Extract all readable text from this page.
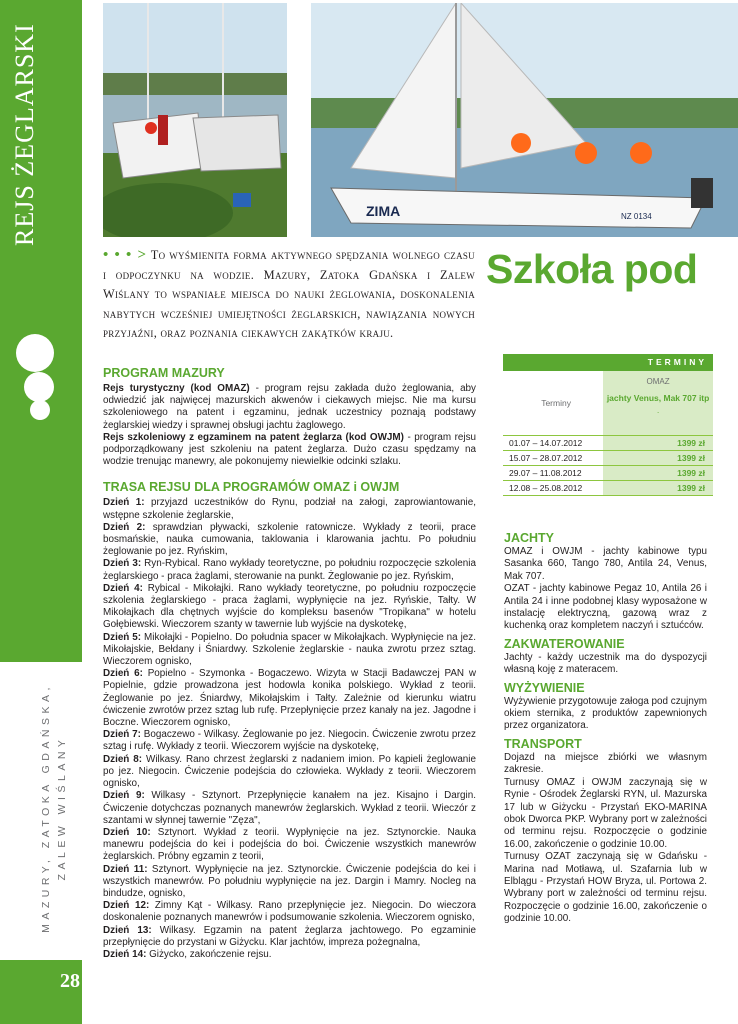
REJS ŻEGLARSKI
MAZURY, ZATOKA GDAŃSKA, ZALEW WIŚLANY
28
ZIMA	NZ 0134
• • • > To wyśmienita forma aktywnego spędzania wolnego czasu i odpoczynku na wodzie. Mazury, Zatoka Gdańska i Zalew Wiślany to wspaniałe miejsca do nauki żeglowania, doskonalenia nabytych wcześniej umiejętności żeglarskich, nawiązania nowych przyjaźni, oraz poznania ciekawych zakątków kraju.
Szkoła pod
PROGRAM MAZURY

Rejs turystyczny (kod OMAZ) - program rejsu zakłada dużo żeglowania, aby odwiedzić jak najwięcej mazurskich akwenów i ciekawych miejsc. Nie ma kursu szkoleniowego na patent i egzaminu, jednak uczestnicy poznają podstawy żeglarskiej wiedzy i sprawnej obsługi jachtu żaglowego.

Rejs szkoleniowy z egzaminem na patent żeglarza (kod OWJM) - program rejsu podporządkowany jest szkoleniu na patent żeglarza. Dużo czasu spędzamy na wodzie trenując manewry, ale pokonujemy niewielkie odcinki szlaku.

TRASA REJSU DLA PROGRAMÓW OMAZ i OWJM

Dzień 1: przyjazd uczestników do Rynu, podział na załogi, zaprowiantowanie, wstępne szkolenie żeglarskie,

Dzień 2: sprawdzian pływacki, szkolenie ratownicze. Wykłady z teorii, prace bosmańskie, nauka cumowania, taklowania i klarowania jachtu. Po południu żeglowanie po jez. Ryńskim,

Dzień 3: Ryn-Rybical. Rano wykłady teoretyczne, po południu rozpoczęcie szkolenia żeglarskiego - praca żaglami, sterowanie na punkt. Żeglowanie po jez. Ryńskim,

Dzień 4: Rybical - Mikołajki. Rano wykłady teoretyczne, po południu rozpoczęcie szkolenia żeglarskiego - praca żaglami, wypłynięcie na jez. Ryńskie, Tałty. W Mikołajkach dla chętnych wyjście do kompleksu basenów "Tropikana" w hotelu Gołębiewski. Wieczorem szanty w tawernie lub wyjście na dyskotekę,

Dzień 5: Mikołajki - Popielno. Do południa spacer w Mikołajkach. Wypłynięcie na jez. Mikołajskie, Bełdany i Śniardwy. Szkolenie żeglarskie - nauka zwrotu przez sztag. Wieczorem ognisko,

Dzień 6: Popielno - Szymonka - Bogaczewo. Wizyta w Stacji Badawczej PAN w Popielnie, gdzie prowadzona jest hodowla konika polskiego. Wykład z teorii. Żeglowanie po jez. Śniardwy, Mikołajskim i Tałty. Zależnie od kierunku wiatru ćwiczenie zwrotów przez sztag lub rufę. Przepłynięcie przez kanały na jez. Jagodne i Boczne. Wieczorem ognisko,

Dzień 7: Bogaczewo - Wilkasy. Żeglowanie po jez. Niegocin. Ćwiczenie zwrotu przez sztag i rufę. Wykłady z teorii. Wieczorem wyjście na dyskotekę,

Dzień 8: Wilkasy. Rano chrzest żeglarski z nadaniem imion. Po kąpieli żeglowanie po jez. Niegocin. Ćwiczenie podejścia do człowieka. Wykłady z teorii. Wieczorem ognisko,

Dzień 9: Wilkasy - Sztynort. Przepłynięcie kanałem na jez. Kisajno i Dargin. Ćwiczenie dotychczas poznanych manewrów żeglarskich. Wykład z teorii. Wieczór z szantami w słynnej tawernie "Zęza",

Dzień 10: Sztynort. Wykład z teorii. Wypłynięcie na jez. Sztynorckie. Nauka manewru podejścia do kei i podejścia do boi. Ćwiczenie wszystkich manewrów żeglarskich. Próbny egzamin z teorii,

Dzień 11: Sztynort. Wypłynięcie na jez. Sztynorckie. Ćwiczenie podejścia do kei i wszystkich manewrów. Po południu wypłynięcie na jez. Dargin i Mamry. Nocleg na bindudze, ognisko,

Dzień 12: Zimny Kąt - Wilkasy. Rano przepłynięcie jez. Niegocin. Do wieczora doskonalenie poznanych manewrów i podsumowanie szkolenia. Wieczorem ognisko,

Dzień 13: Wilkasy. Egzamin na patent żeglarza jachtowego. Po egzaminie przepłynięcie do przystani w Giżycku. Klar jachtów, impreza pożegnalna,

Dzień 14: Giżycko, zakończenie rejsu.

TERMINY
Terminy
OMAZ
jachty Venus, Mak 707 itp
.
01.07 – 14.07.2012	1399 zł
15.07 – 28.07.2012	1399 zł
29.07 – 11.08.2012	1399 zł
12.08 – 25.08.2012	1399 zł
JACHTY

OMAZ i OWJM - jachty kabinowe typu Sasanka 660, Tango 780, Antila 24, Venus, Mak 707.

OZAT - jachty kabinowe Pegaz 10, Antila 26 i Antila 24 i inne podobnej klasy wyposażone w instalację elektryczną, gazową wraz z kuchenką oraz kompletem naczyń i sztućców.

ZAKWATEROWANIE

Jachty - każdy uczestnik ma do dyspozycji własną koję z materacem.

WYŻYWIENIE

Wyżywienie przygotowuje załoga pod czujnym okiem sternika, z produktów zapewnionych przez organizatora.

TRANSPORT

Dojazd na miejsce zbiórki we własnym zakresie.

Turnusy OMAZ i OWJM zaczynają się w Rynie - Ośrodek Żeglarski RYN, ul. Mazurska 17 lub w Giżycku - Przystań EKO-MARINA obok Dworca PKP. Wybrany port w zależności od terminu rejsu. Rozpoczęcie o godzinie 16.00, zakończenie o godzinie 10.00.

Turnusy OZAT zaczynają się w Gdańsku - Marina nad Motławą, ul. Szafarnia lub w Elblągu - Przystań HOW Bryza, ul. Portowa 2. Wybrany port w zależności od terminu rejsu. Rozpoczęcie o godzinie 16.00, zakończenie o godzinie 10.00.
